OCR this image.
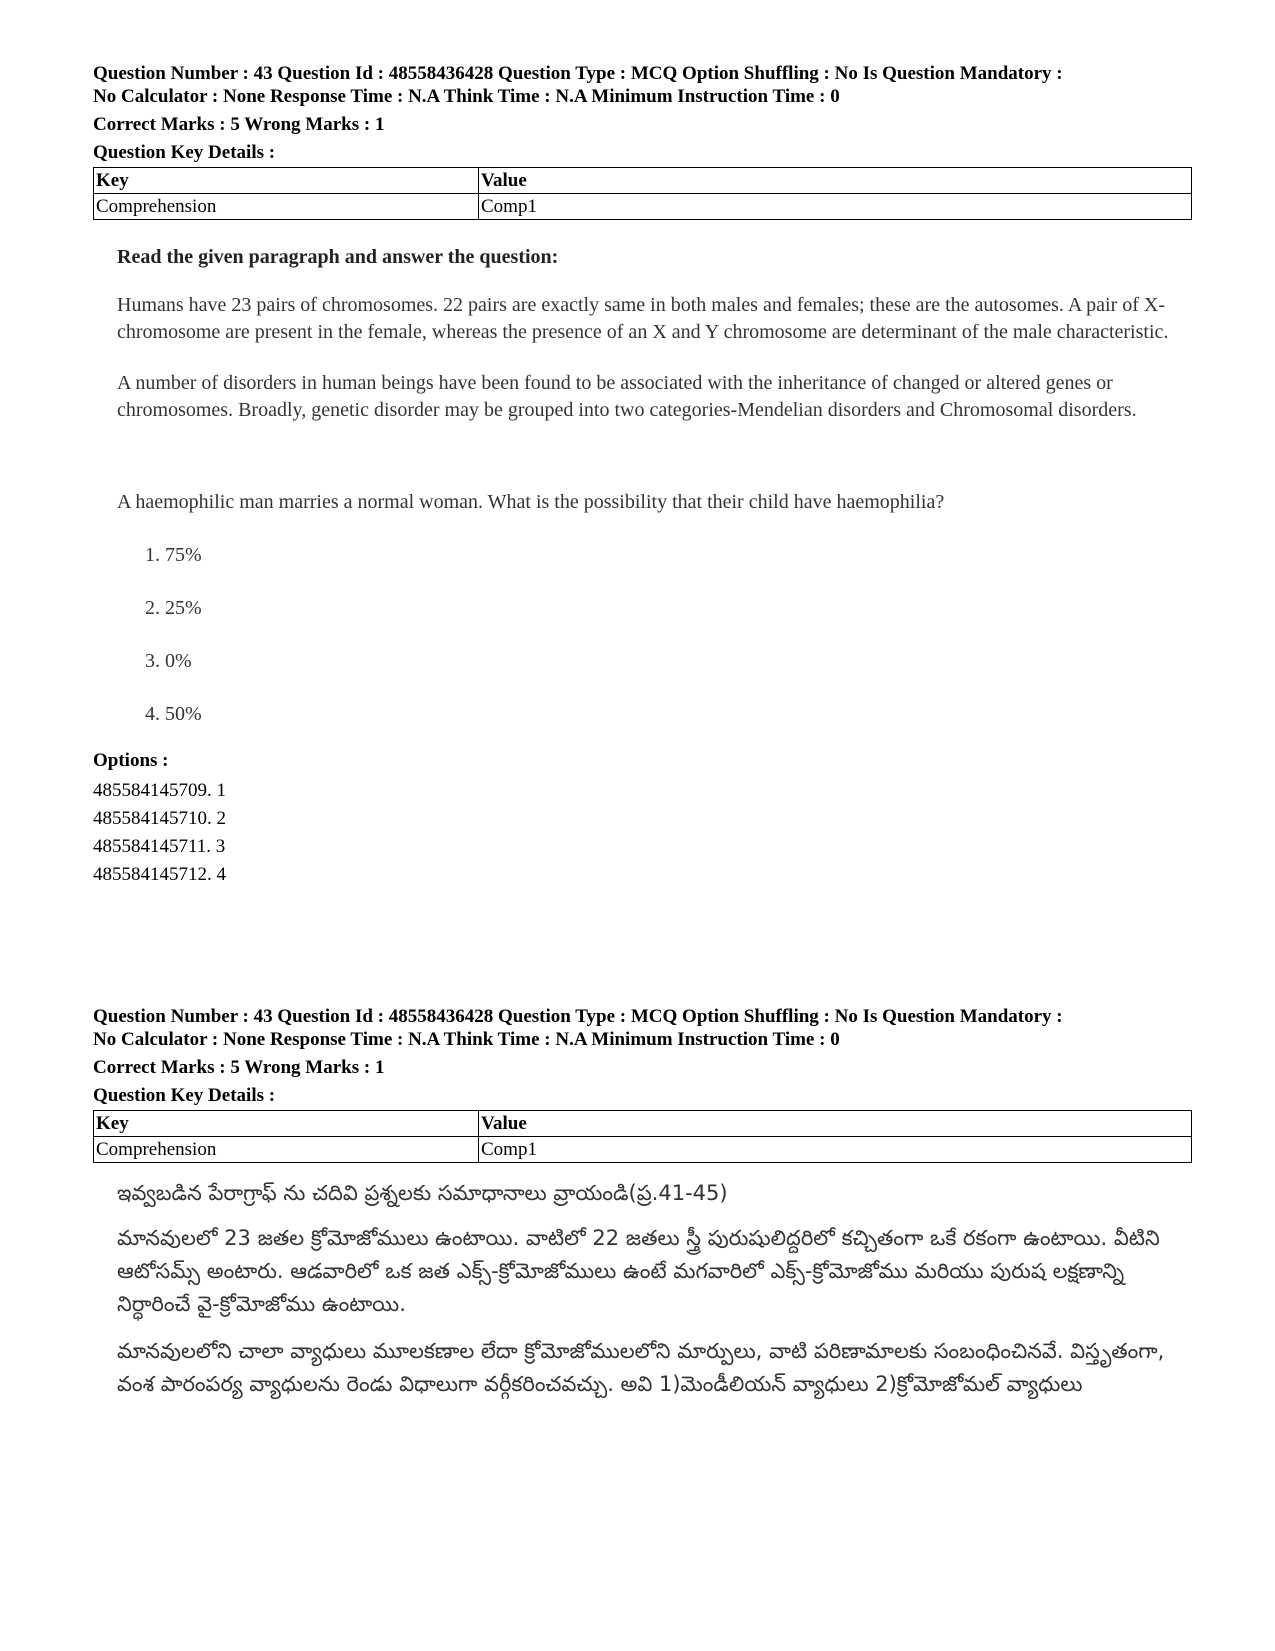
Question Number : 43 Question Id : 48558436428 Question Type : MCQ Option Shuffling : No Is Question Mandatory :
No Calculator : None Response Time : N.A Think Time : N.A Minimum Instruction Time : 0
Correct Marks : 5 Wrong Marks : 1
Question Key Details :
Key	Value
Comprehension	Comp1
Read the given paragraph and answer the question:

Humans have 23 pairs of chromosomes. 22 pairs are exactly same in both males and females; these are the autosomes. A pair of X-chromosome are present in the female, whereas the presence of an X and Y chromosome are determinant of the male characteristic.

A number of disorders in human beings have been found to be associated with the inheritance of changed or altered genes or chromosomes. Broadly, genetic disorder may be grouped into two categories-Mendelian disorders and Chromosomal disorders.

A haemophilic man marries a normal woman. What is the possibility that their child have haemophilia?

1. 75%

2. 25%

3. 0%

4. 50%

Options :
485584145709. 1
485584145710. 2
485584145711. 3
485584145712. 4
Question Number : 43 Question Id : 48558436428 Question Type : MCQ Option Shuffling : No Is Question Mandatory :
No Calculator : None Response Time : N.A Think Time : N.A Minimum Instruction Time : 0
Correct Marks : 5 Wrong Marks : 1
Question Key Details :
Key	Value
Comprehension	Comp1

ఇవ్వబడిన పేరాగ్రాఫ్ ను చదివి ప్రశ్నలకు సమాధానాలు వ్రాయండి(ప్ర.41-45)

మానవులలో 23 జతల క్రోమోజోములు ఉంటాయి. వాటిలో 22 జతలు స్త్రీ పురుషులిద్దరిలో కచ్చితంగా ఒకే రకంగా ఉంటాయి. వీటిని ఆటోసమ్స్ అంటారు. ఆడవారిలో ఒక జత ఎక్స్-క్రోమోజోములు ఉంటే మగవారిలో ఎక్స్-క్రోమోజోము మరియు పురుష లక్షణాన్ని నిర్ధారించే వై-క్రోమోజోము ఉంటాయి.

మానవులలోని చాలా వ్యాధులు మూలకణాల లేదా క్రోమోజోములలోని మార్పులు, వాటి పరిణామాలకు సంబంధించినవే. విస్తృతంగా, వంశ పారంపర్య వ్యాధులను రెండు విధాలుగా వర్గీకరించవచ్చు. అవి 1)మెండీలియన్ వ్యాధులు 2)క్రోమోజోమల్ వ్యాధులు
